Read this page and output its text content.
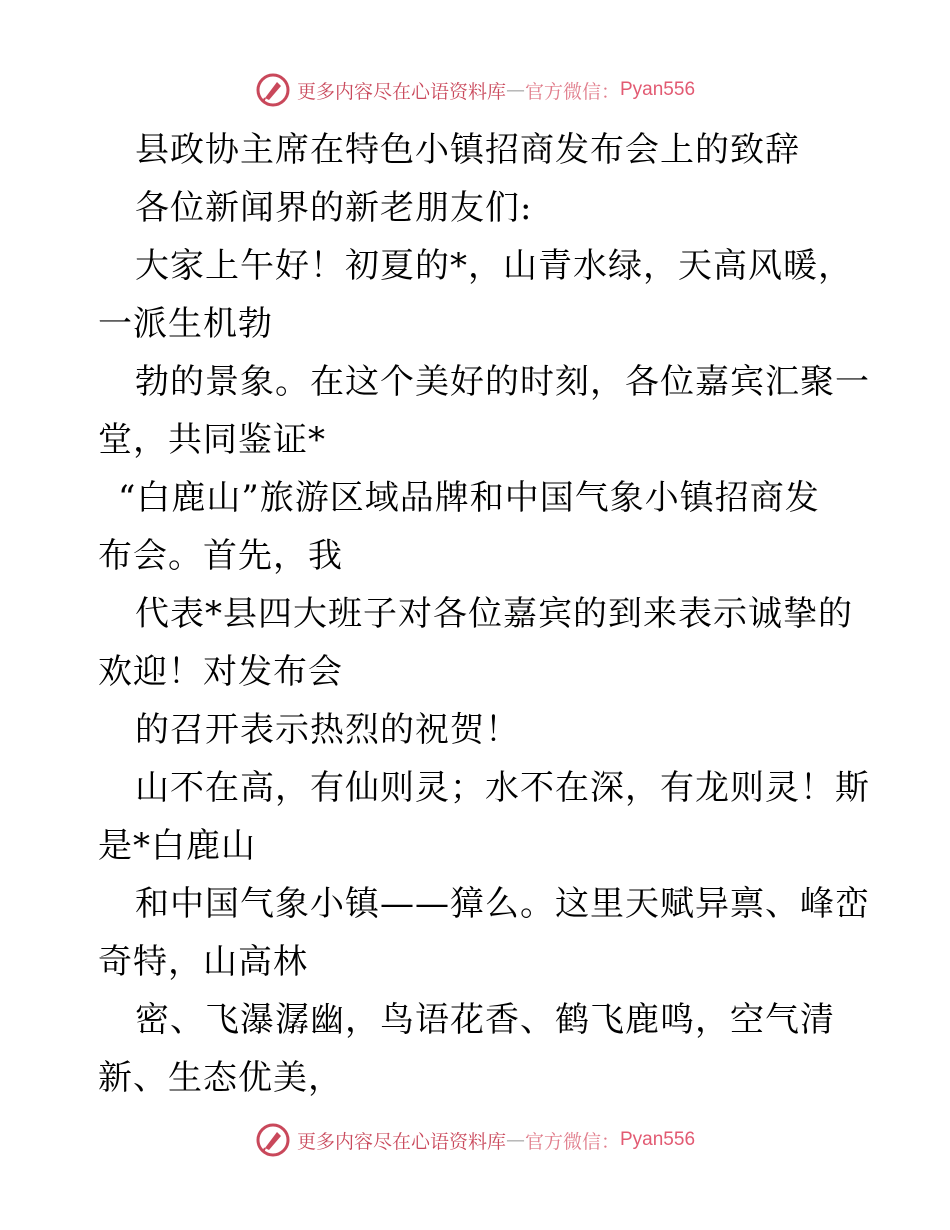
更多内容尽在心语资料库 — 官方微信： Pyan556
县政协主席在特色小镇招商发布会上的致辞
各位新闻界的新老朋友们:
大家上午好！初夏的*，山青水绿，天高风暖，
一派生机勃
勃的景象。在这个美好的时刻，各位嘉宾汇聚一
堂，共同鉴证*
“白鹿山”旅游区域品牌和中国气象小镇招商发
布会。首先，我
代表*县四大班子对各位嘉宾的到来表示诚挚的
欢迎！对发布会
的召开表示热烈的祝贺！
山不在高，有仙则灵；水不在深，有龙则灵！斯
是*白鹿山
和中国气象小镇——獐么。这里天赋异禀、峰峦
奇特，山高林
密、飞瀑潺幽，鸟语花香、鹤飞鹿鸣，空气清
新、生态优美，
更多内容尽在心语资料库 — 官方微信： Pyan556
